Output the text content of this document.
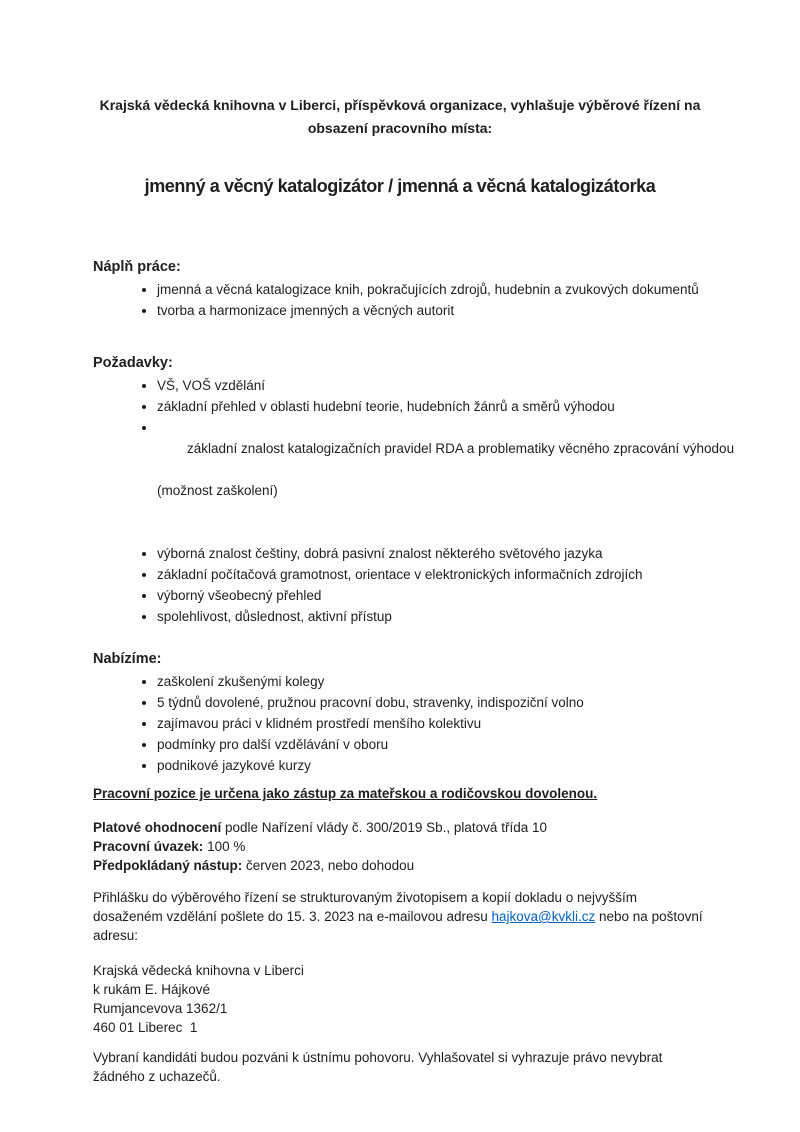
Krajská vědecká knihovna v Liberci, příspěvková organizace, vyhlašuje výběrové řízení na
obsazení pracovního místa:
jmenný a věcný katalogizátor / jmenná a věcná katalogizátorka
Náplň práce:
• jmenná a věcná katalogizace knih, pokračujících zdrojů, hudebnin a zvukových dokumentů
• tvorba a harmonizace jmenných a věcných autorit
Požadavky:
• VŠ, VOŠ vzdělání
• základní přehled v oblasti hudební teorie, hudebních žánrů a směrů výhodou

• základní znalost katalogizačních pravidel RDA a problematiky věcného zpracování výhodou

(možnost zaškolení)

• výborná znalost češtiny, dobrá pasivní znalost některého světového jazyka
• základní počítačová gramotnost, orientace v elektronických informačních zdrojích
• výborný všeobecný přehled
• spolehlivost, důslednost, aktivní přístup
Nabízíme:
• zaškolení zkušenými kolegy
• 5 týdnů dovolené, pružnou pracovní dobu, stravenky, indispoziční volno
• zajímavou práci v klidném prostředí menšího kolektivu
• podmínky pro další vzdělávání v oboru
• podnikové jazykové kurzy
Pracovní pozice je určena jako zástup za mateřskou a rodičovskou dovolenou.
Platové ohodnocení podle Nařízení vlády č. 300/2019 Sb., platová třída 10
Pracovní úvazek: 100 %
Předpokládaný nástup: červen 2023, nebo dohodou
Přihlášku do výběrového řízení se strukturovaným životopisem a kopií dokladu o nejvyšším
dosaženém vzdělání pošlete do 15. 3. 2023 na e-mailovou adresu hajkova@kvkli.cz nebo na poštovní
adresu:
Krajská vědecká knihovna v Liberci
k rukám E. Hájkové
Rumjancevova 1362/1
460 01 Liberec  1
Vybraní kandidáti budou pozváni k ústnímu pohovoru. Vyhlašovatel si vyhrazuje právo nevybrat
žádného z uchazečů.
